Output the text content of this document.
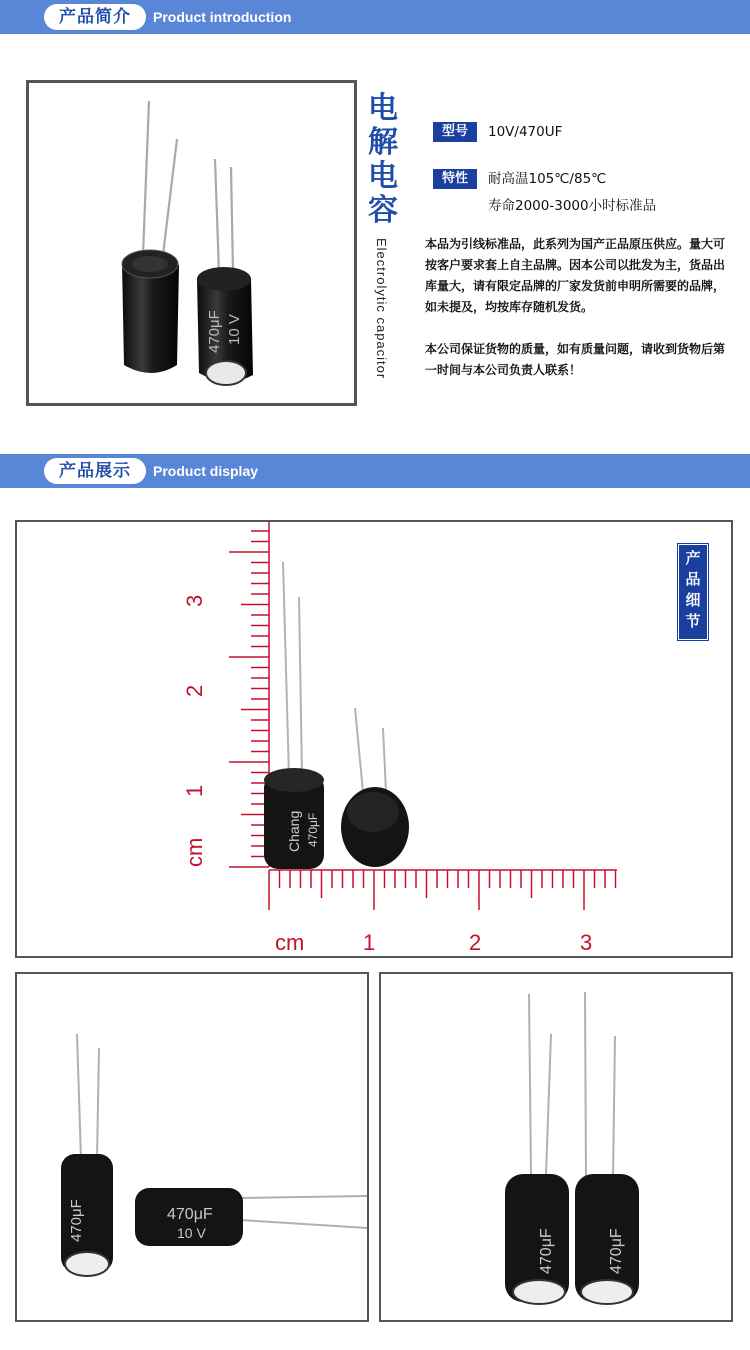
产品简介	Product introduction
470μF 10 V
电解电容
Electrolytic capacitor
型号	10V/470UF
特性	耐高温105℃/85℃
寿命2000-3000小时标准品

本品为引线标准品，此系列为国产正品原压供应。量大可按客户要求套上自主品牌。因本公司以批发为主，货品出库量大，请有限定品牌的厂家发货前申明所需要的品牌，如未提及，均按库存随机发货。

本公司保证货物的质量，如有质量问题，请收到货物后第一时间与本公司负责人联系！

产品展示	Product display
3
2
1
cm
cm	1	2	3
Chang 470μF
产品细节
470μF	470μF
10 V	470μF	470μF
